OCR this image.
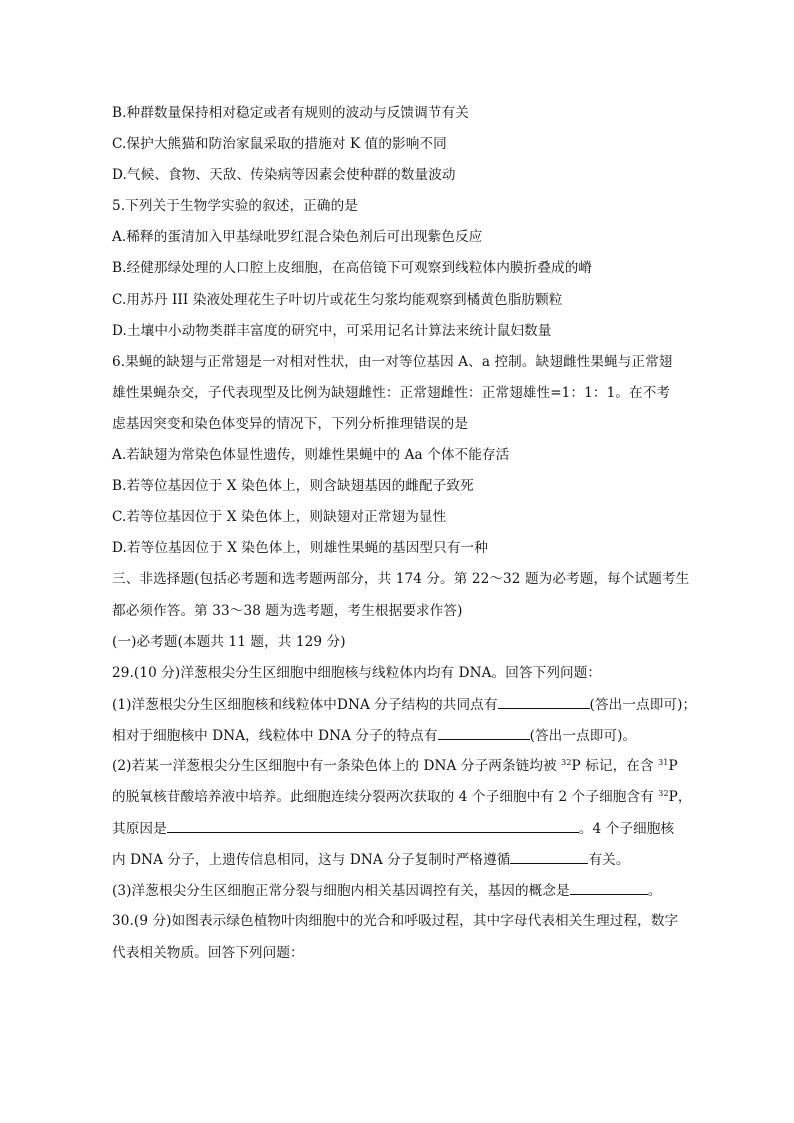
B.种群数量保持相对稳定或者有规则的波动与反馈调节有关
C.保护大熊猫和防治家鼠采取的措施对 K 值的影响不同
D.气候、食物、天敌、传染病等因素会使种群的数量波动
5.下列关于生物学实验的叙述，正确的是
A.稀释的蛋清加入甲基绿吡罗红混合染色剂后可出现紫色反应
B.经健那绿处理的人口腔上皮细胞，在高倍镜下可观察到线粒体内膜折叠成的嵴
C.用苏丹 III 染液处理花生子叶切片或花生匀浆均能观察到橘黄色脂肪颗粒
D.土壤中小动物类群丰富度的研究中，可采用记名计算法来统计鼠妇数量
6.果蝇的缺翅与正常翅是一对相对性状，由一对等位基因 A、a 控制。缺翅雌性果蝇与正常翅
雄性果蝇杂交，子代表现型及比例为缺翅雌性：正常翅雌性：正常翅雄性=1：1：1。在不考
虑基因突变和染色体变异的情况下，下列分析推理错误的是
A.若缺翅为常染色体显性遗传，则雄性果蝇中的 Aa 个体不能存活
B.若等位基因位于 X 染色体上，则含缺翅基因的雌配子致死
C.若等位基因位于 X 染色体上，则缺翅对正常翅为显性
D.若等位基因位于 X 染色体上，则雄性果蝇的基因型只有一种
三、非选择题(包括必考题和选考题两部分，共 174 分。第 22～32 题为必考题，每个试题考生
都必须作答。第 33～38 题为选考题，考生根据要求作答)
(一)必考题(本题共 11 题，共 129 分)
29.(10 分)洋葱根尖分生区细胞中细胞核与线粒体内均有 DNA。回答下列问题：
(1)洋葱根尖分生区细胞核和线粒体中DNA 分子结构的共同点有	(答出一点即可)；
相对于细胞核中 DNA，线粒体中 DNA 分子的特点有	(答出一点即可)。
(2)若某一洋葱根尖分生区细胞中有一条染色体上的 DNA 分子两条链均被 $^{32}$P 标记，在含 $^{31}$P
的脱氧核苷酸培养液中培养。此细胞连续分裂两次获取的 4 个子细胞中有 2 个子细胞含有 $^{32}$P，
其原因是	。4 个子细胞核
内 DNA 分子，上遗传信息相同，这与 DNA 分子复制时严格遵循	有关。
(3)洋葱根尖分生区细胞正常分裂与细胞内相关基因调控有关，基因的概念是	。
30.(9 分)如图表示绿色植物叶肉细胞中的光合和呼吸过程，其中字母代表相关生理过程，数字
代表相关物质。回答下列问题：
